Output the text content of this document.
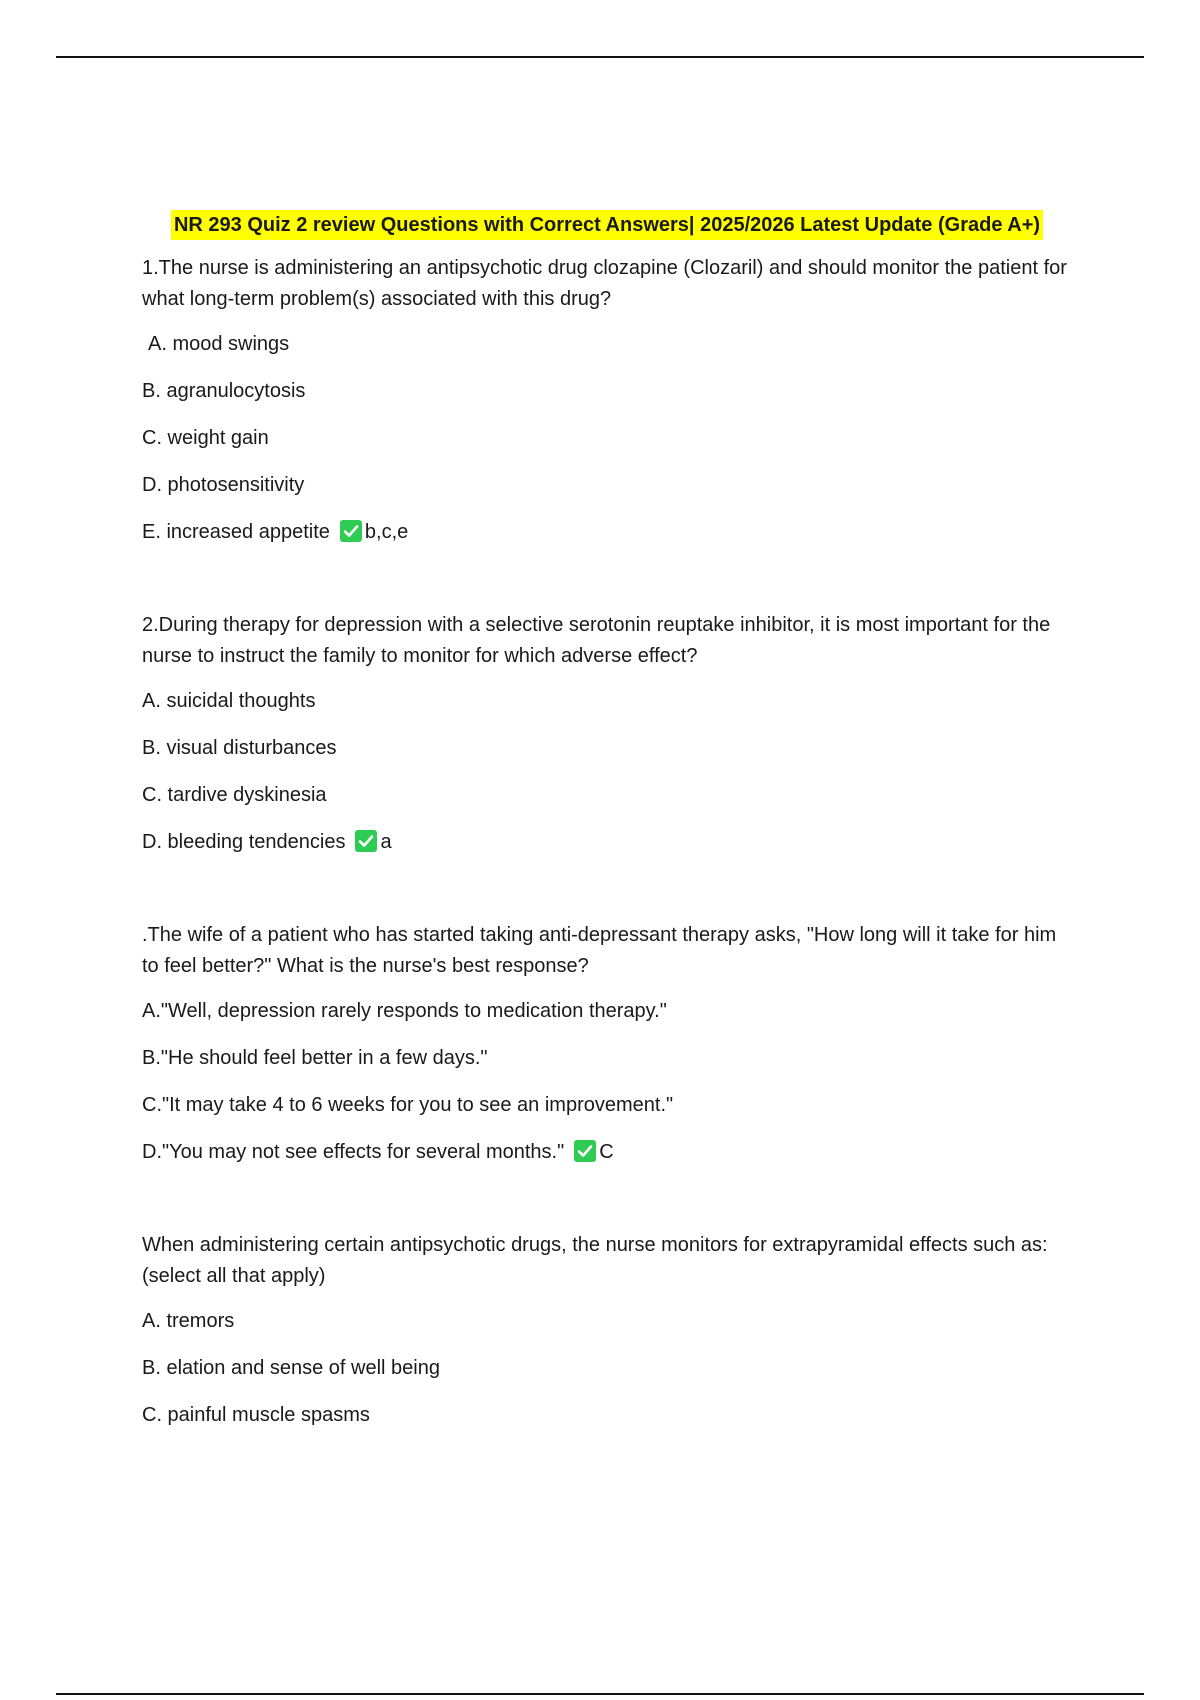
NR 293 Quiz 2 review Questions with Correct Answers| 2025/2026 Latest Update (Grade A+)
1.The nurse is administering an antipsychotic drug clozapine (Clozaril) and should monitor the patient for what long-term problem(s) associated with this drug?
A. mood swings
B. agranulocytosis
C. weight gain
D. photosensitivity
E. increased appetite b,c,e
2.During therapy for depression with a selective serotonin reuptake inhibitor, it is most important for the nurse to instruct the family to monitor for which adverse effect?
A. suicidal thoughts
B. visual disturbances
C. tardive dyskinesia
D. bleeding tendencies a
.The wife of a patient who has started taking anti-depressant therapy asks, "How long will it take for him to feel better?" What is the nurse's best response?
A."Well, depression rarely responds to medication therapy."
B."He should feel better in a few days."
C."It may take 4 to 6 weeks for you to see an improvement."
D."You may not see effects for several months." C
When administering certain antipsychotic drugs, the nurse monitors for extrapyramidal effects such as: (select all that apply)
A. tremors
B. elation and sense of well being
C. painful muscle spasms
